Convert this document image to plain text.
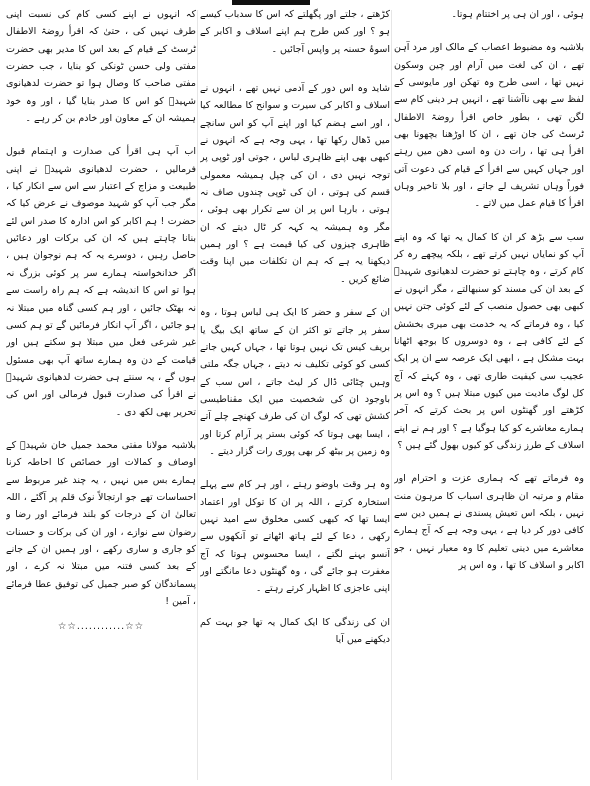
ہوئی ، اور ان ہی پر اختتام ہوتا۔

بلاشبہ وہ مضبوط اعصاب کے مالک اور مرد آہن تھے ، ان کی لغت میں آرام اور چین وسکون نہیں تھا ، اسی طرح وہ تھکن اور مایوسی کے لفظ سے بھی ناآشنا تھے ، انہیں ہر دینی کام سے لگن تھی ، بطور خاص اقرأ روضۃ الاطفال ٹرسٹ کی جان تھے ، ان کا اوڑھنا بچھونا بھی اقرأ ہی تھا ، رات دن وہ اسی دھن میں رہتے اور جہاں کہیں سے اقرأ کے قیام کی دعوت آتی فوراً وہاں تشریف لے جاتے ، اور بلا تاخیر وہاں اقرأ کا قیام عمل میں لاتے ۔

سب سے بڑھ کر ان کا کمال یہ تھا کہ وہ اپنے آپ کو نمایاں نہیں کرتے تھے ، بلکہ پیچھے رہ کر کام کرتے ، وہ چاہتے تو حضرت لدھیانوی شہیدؒ کے بعد ان کی مسند کو سنبھالتے ، مگر انہوں نے کبھی بھی حصول منصب کے لئے کوئی جتن نہیں کیا ، وہ فرماتے کہ یہ خدمت بھی میری بخشش کے لئے کافی ہے ، وہ دوسروں کا بوجھ اٹھانا بہت مشکل ہے ، ابھی ایک عرصہ سے ان پر ایک عجیب سی کیفیت طاری تھی ، وہ کہتے کہ آج کل لوگ مادیت میں کیوں مبتلا ہیں ؟ وہ اس پر کڑھتے اور گھنٹوں اس پر بحث کرتے کہ آخر ہمارے معاشرے کو کیا ہوگیا ہے ؟ اور ہم نے اپنے اسلاف کے طرز زندگی کو کیوں بھول گئے ہیں ؟

وہ فرماتے تھے کہ ہماری عزت و احترام اور مقام و مرتبہ ان ظاہری اسباب کا مرہون منت نہیں ، بلکہ اس تعیش پسندی نے ہمیں دین سے کافی دور کر دیا ہے ، یہی وجہ ہے کہ آج ہمارے معاشرے میں دینی تعلیم کا وہ معیار نہیں ، جو اکابر و اسلاف کا تھا ، وہ اس پر

کڑھتے ، جلتے اور پگھلتے کہ اس کا سدباب کیسے ہو ؟ اور کس طرح ہم اپنے اسلاف و اکابر کے اسوۂ حسنہ پر واپس آجائیں ۔

شاید وہ اس دور کے آدمی نہیں تھے ، انہوں نے اسلاف و اکابر کی سیرت و سوانح کا مطالعہ کیا ، اور اسے ہضم کیا اور اپنے آپ کو اس سانچے میں ڈھال رکھا تھا ، یہی وجہ ہے کہ انہوں نے کبھی بھی اپنے ظاہری لباس ، جوتی اور ٹوپی پر توجہ نہیں دی ، ان کی چپل ہمیشہ معمولی قسم کی ہوتی ، ان کی ٹوپی چندوں صاف نہ ہوتی ، بارہا اس پر ان سے تکرار بھی ہوئی ، مگر وہ ہمیشہ یہ کہہ کر ٹال دیتے کہ ان ظاہری چیزوں کی کیا قیمت ہے ؟ اور ہمیں دیکھنا یہ ہے کہ ہم ان تکلفات میں اپنا وقت ضائع کریں ۔

ان کے سفر و حضر کا ایک ہی لباس ہوتا ، وہ سفر پر جاتے تو اکثر ان کے ساتھ ایک بیگ یا بریف کیس تک نہیں ہوتا تھا ، جہاں کہیں جاتے کسی کو کوئی تکلیف نہ دیتے ، جہاں جگہ ملتی وہیں چٹائی ڈال کر لیٹ جاتے ، اس سب کے باوجود ان کی شخصیت میں ایک مقناطیسی کشش تھی کہ لوگ ان کی طرف کھنچے چلے آتے ، ایسا بھی ہوتا کہ کوئی بستر پر آرام کرتا اور وہ زمین پر بیٹھ کر بھی پوری رات گزار دیتے ۔

وہ ہر وقت باوضو رہتے ، اور ہر کام سے پہلے استخارہ کرتے ، اللہ پر ان کا توکل اور اعتماد ایسا تھا کہ کبھی کسی مخلوق سے امید نہیں رکھی ، دعا کے لئے ہاتھ اٹھاتے تو آنکھوں سے آنسو بہنے لگتے ، ایسا محسوس ہوتا کہ آج مغفرت ہو جائے گی ، وہ گھنٹوں دعا مانگتے اور اپنی عاجزی کا اظہار کرتے رہتے ۔

ان کی زندگی کا ایک کمال یہ تھا جو بہت کم دیکھنے میں آیا

کہ انہوں نے اپنے کسی کام کی نسبت اپنی طرف نہیں کی ، حتیٰ کہ اقرأ روضۃ الاطفال ٹرسٹ کے قیام کے بعد اس کا مدیر بھی حضرت مفتی ولی حسن ٹونکی کو بنایا ، جب حضرت مفتی صاحب کا وصال ہوا تو حضرت لدھیانوی شہیدؒ کو اس کا صدر بنایا گیا ، اور وہ خود ہمیشہ ان کے معاون اور خادم بن کر رہے ۔

اب آپ ہی اقرأ کی صدارت و اہتمام قبول فرمالیں ، حضرت لدھیانوی شہیدؒ نے اپنی طبیعت و مزاج کے اعتبار سے اس سے انکار کیا ، مگر جب آپ کو شہید موصوف نے عرض کیا کہ حضرت ! ہم اکابر کو اس ادارہ کا صدر اس لئے بنانا چاہتے ہیں کہ ان کی برکات اور دعائیں حاصل رہیں ، دوسرے یہ کہ ہم نوجوان ہیں ، اگر خدانخواستہ ہمارے سر پر کوئی بزرگ نہ ہوا تو اس کا اندیشہ ہے کہ ہم راہ راست سے نہ بھٹک جائیں ، اور ہم کسی گناہ میں مبتلا نہ ہو جائیں ، اگر آپ انکار فرمائیں گے تو ہم کسی غیر شرعی فعل میں مبتلا ہو سکتے ہیں اور قیامت کے دن وہ ہمارے ساتھ آپ بھی مسئول ہوں گے ، یہ سنتے ہی حضرت لدھیانوی شہیدؒ نے اقرأ کی صدارت قبول فرمالی اور اس کی تحریر بھی لکھ دی ۔

بلاشبہ مولانا مفتی محمد جمیل خان شہیدؒ کے اوصاف و کمالات اور خصائص کا احاطہ کرنا ہمارے بس میں نہیں ، یہ چند غیر مربوط سے احساسات تھے جو ارتجالاً نوک قلم پر آگئے ، اللہ تعالیٰ ان کے درجات کو بلند فرمائے اور رضا و رضوان سے نوازے ، اور ان کی برکات و حسنات کو جاری و ساری رکھے ، اور ہمیں ان کے جانے کے بعد کسی فتنہ میں مبتلا نہ کرے ، اور پسماندگان کو صبر جمیل کی توفیق عطا فرمائے ، آمین !

☆☆............☆☆
